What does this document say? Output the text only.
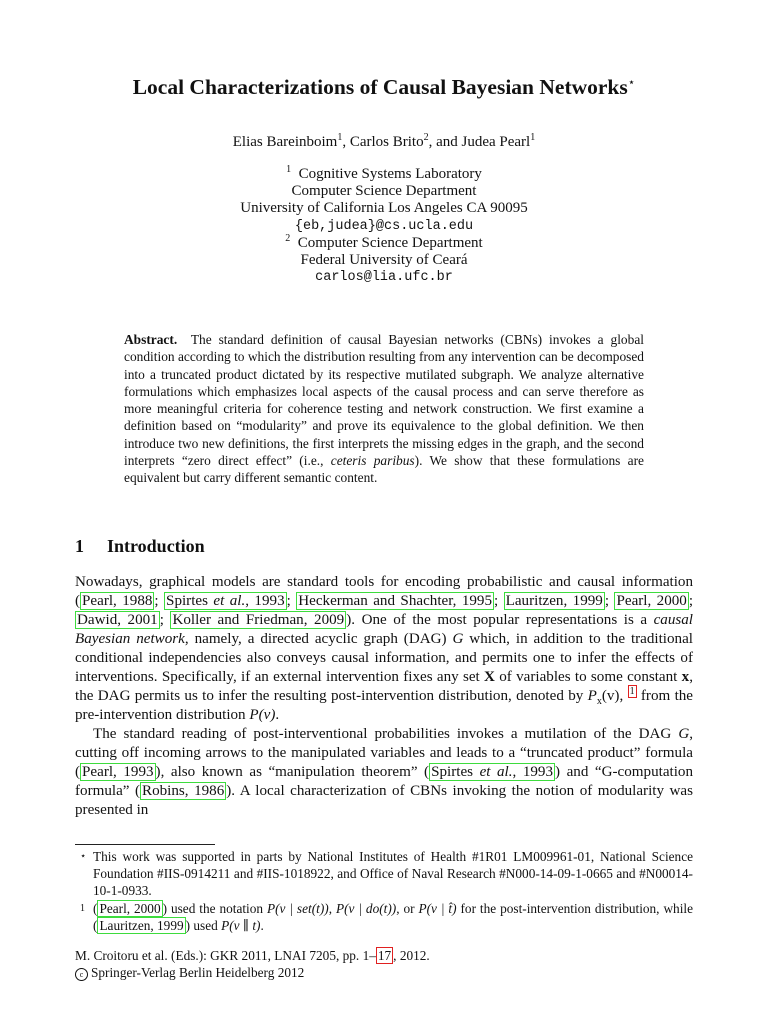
Local Characterizations of Causal Bayesian Networks⋆
Elias Bareinboim$^1$, Carlos Brito$^2$, and Judea Pearl$^1$
$^1$ Cognitive Systems Laboratory
Computer Science Department
University of California Los Angeles CA 90095
{eb,judea}@cs.ucla.edu
$^2$ Computer Science Department
Federal University of Ceará
carlos@lia.ufc.br
Abstract. The standard definition of causal Bayesian networks (CBNs) invokes a global condition according to which the distribution resulting from any intervention can be decomposed into a truncated product dictated by its respective mutilated subgraph. We analyze alternative formulations which emphasizes local aspects of the causal process and can serve therefore as more meaningful criteria for coherence testing and network construction. We first examine a definition based on “modularity” and prove its equivalence to the global definition. We then introduce two new definitions, the first interprets the missing edges in the graph, and the second interprets “zero direct effect” (i.e., ceteris paribus). We show that these formulations are equivalent but carry different semantic content.
1 Introduction

Nowadays, graphical models are standard tools for encoding probabilistic and causal information ( Pearl, 1988 ; Spirtes et al., 1993 ; Heckerman and Shachter, 1995 ; Lauritzen, 1999 ; Pearl, 2000 ; Dawid, 2001 ; Koller and Friedman, 2009 ). One of the most popular representations is a causal Bayesian network, namely, a directed acyclic graph (DAG) G which, in addition to the traditional conditional independencies also conveys causal information, and permits one to infer the effects of interventions. Specifically, if an external intervention fixes any set X of variables to some constant x, the DAG permits us to infer the resulting post-intervention distribution, denoted by $P_x(v)$, $^1$ from the pre-intervention distribution P(v).

The standard reading of post-interventional probabilities invokes a mutilation of the DAG G, cutting off incoming arrows to the manipulated variables and leads to a “truncated product” formula ( Pearl, 1993 ), also known as “manipulation theorem” ( Spirtes et al., 1993 ) and “G-computation formula” ( Robins, 1986 ). A local characterization of CBNs invoking the notion of modularity was presented in

⋆ This work was supported in parts by National Institutes of Health #1R01 LM009961-01, National Science Foundation #IIS-0914211 and #IIS-1018922, and Office of Naval Research #N000-14-09-1-0665 and #N00014-10-1-0933.
1 ( Pearl, 2000 ) used the notation P(v | set(t)), P(v | do(t)), or P(v | t̂) for the post-intervention distribution, while ( Lauritzen, 1999 ) used P(v ∥ t).
M. Croitoru et al. (Eds.): GKR 2011, LNAI 7205, pp. 1– 17 , 2012.
c Springer-Verlag Berlin Heidelberg 2012
